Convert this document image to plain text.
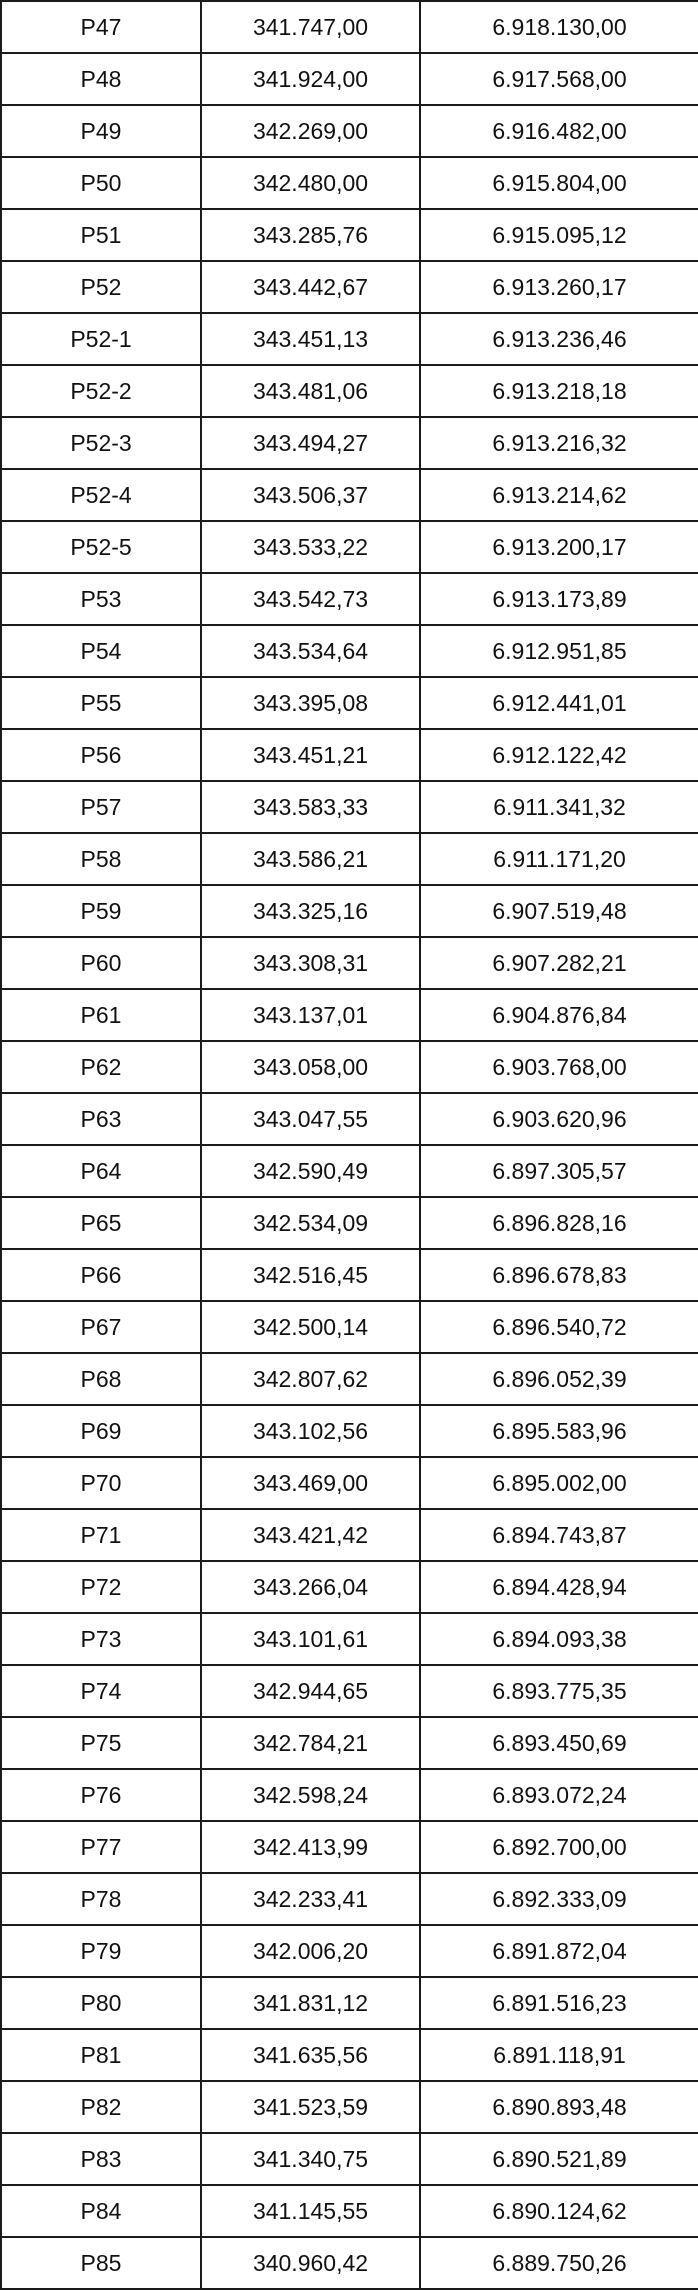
P47	341.747,00	6.918.130,00
P48	341.924,00	6.917.568,00
P49	342.269,00	6.916.482,00
P50	342.480,00	6.915.804,00
P51	343.285,76	6.915.095,12
P52	343.442,67	6.913.260,17
P52-1	343.451,13	6.913.236,46
P52-2	343.481,06	6.913.218,18
P52-3	343.494,27	6.913.216,32
P52-4	343.506,37	6.913.214,62
P52-5	343.533,22	6.913.200,17
P53	343.542,73	6.913.173,89
P54	343.534,64	6.912.951,85
P55	343.395,08	6.912.441,01
P56	343.451,21	6.912.122,42
P57	343.583,33	6.911.341,32
P58	343.586,21	6.911.171,20
P59	343.325,16	6.907.519,48
P60	343.308,31	6.907.282,21
P61	343.137,01	6.904.876,84
P62	343.058,00	6.903.768,00
P63	343.047,55	6.903.620,96
P64	342.590,49	6.897.305,57
P65	342.534,09	6.896.828,16
P66	342.516,45	6.896.678,83
P67	342.500,14	6.896.540,72
P68	342.807,62	6.896.052,39
P69	343.102,56	6.895.583,96
P70	343.469,00	6.895.002,00
P71	343.421,42	6.894.743,87
P72	343.266,04	6.894.428,94
P73	343.101,61	6.894.093,38
P74	342.944,65	6.893.775,35
P75	342.784,21	6.893.450,69
P76	342.598,24	6.893.072,24
P77	342.413,99	6.892.700,00
P78	342.233,41	6.892.333,09
P79	342.006,20	6.891.872,04
P80	341.831,12	6.891.516,23
P81	341.635,56	6.891.118,91
P82	341.523,59	6.890.893,48
P83	341.340,75	6.890.521,89
P84	341.145,55	6.890.124,62
P85	340.960,42	6.889.750,26
